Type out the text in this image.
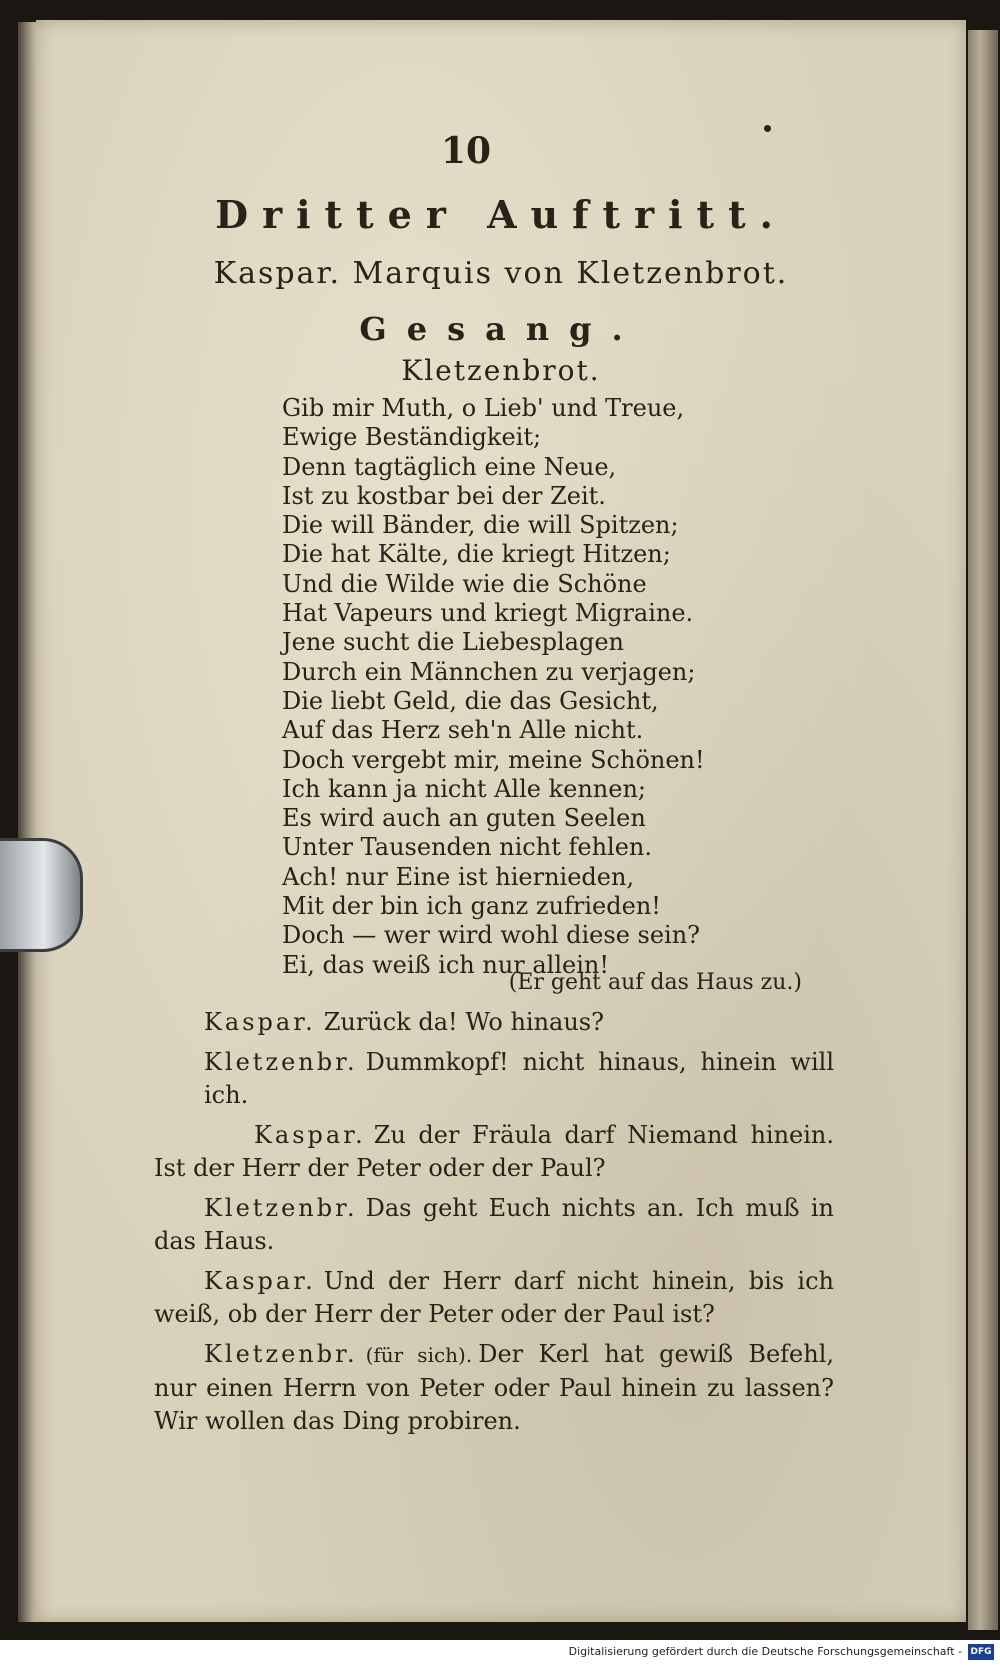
10
Dritter Auftritt.
Kaspar. Marquis von Kletzenbrot.
Gesang.
Kletzenbrot.
Gib mir Muth, o Lieb' und Treue,
Ewige Beständigkeit;
Denn tagtäglich eine Neue,
Ist zu kostbar bei der Zeit.
Die will Bänder, die will Spitzen;
Die hat Kälte, die kriegt Hitzen;
Und die Wilde wie die Schöne
Hat Vapeurs und kriegt Migraine.
Jene sucht die Liebesplagen
Durch ein Männchen zu verjagen;
Die liebt Geld, die das Gesicht,
Auf das Herz seh'n Alle nicht.
Doch vergebt mir, meine Schönen!
Ich kann ja nicht Alle kennen;
Es wird auch an guten Seelen
Unter Tausenden nicht fehlen.
Ach! nur Eine ist hiernieden,
Mit der bin ich ganz zufrieden!
Doch — wer wird wohl diese sein?
Ei, das weiß ich nur allein!
(Er geht auf das Haus zu.)

Kaspar. Zurück da! Wo hinaus?

Kletzenbr. Dummkopf! nicht hinaus, hinein will ich.

Kaspar. Zu der Fräula darf Niemand hinein. Ist der Herr der Peter oder der Paul?

Kletzenbr. Das geht Euch nichts an. Ich muß in das Haus.

Kaspar. Und der Herr darf nicht hinein, bis ich weiß, ob der Herr der Peter oder der Paul ist?

Kletzenbr. (für sich). Der Kerl hat gewiß Befehl, nur einen Herrn von Peter oder Paul hinein zu lassen? Wir wollen das Ding probiren.

Digitalisierung gefördert durch die Deutsche Forschungsgemeinschaft - DFG
